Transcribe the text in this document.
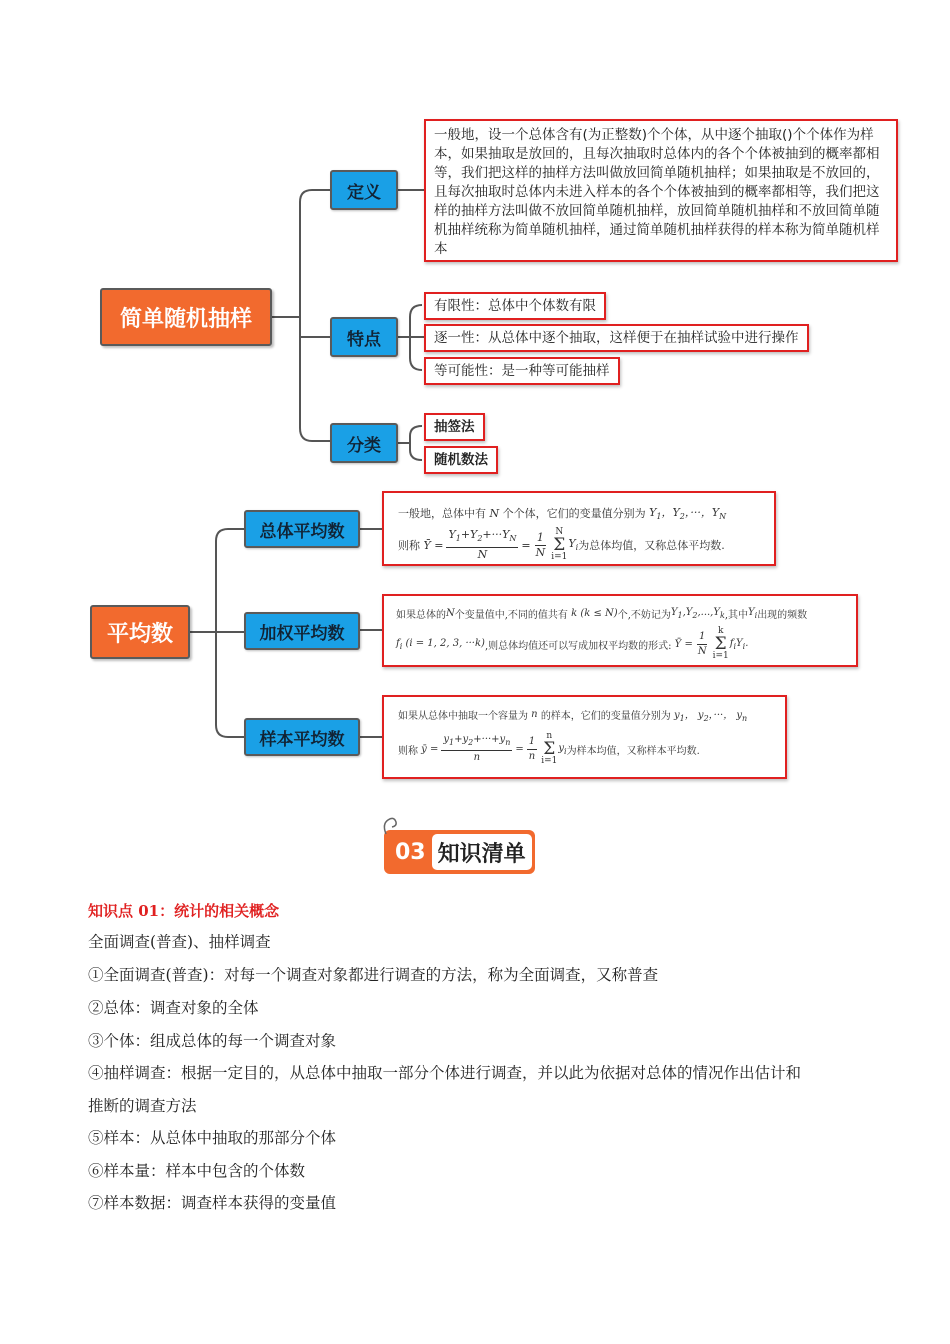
简单随机抽样
定义
一般地，设一个总体含有(为正整数)个个体，从中逐个抽取()个个体作为样本，如果抽取是放回的，且每次抽取时总体内的各个个体被抽到的概率都相等，我们把这样的抽样方法叫做放回简单随机抽样；如果抽取是不放回的，且每次抽取时总体内未进入样本的各个个体被抽到的概率都相等，我们把这样的抽样方法叫做不放回简单随机抽样，放回简单随机抽样和不放回简单随机抽样统称为简单随机抽样，通过简单随机抽样获得的样本称为简单随机样本
特点
有限性：总体中个体数有限
逐一性：从总体中逐个抽取，这样便于在抽样试验中进行操作
等可能性：是一种等可能抽样
分类
抽签法
随机数法
平均数
总体平均数
一般地，总体中有 N 个个体，它们的变量值分别为 $Y_1$，$Y_2$，···，$Y_N$
则称 Ȳ = $\frac{Y_1+Y_2+\cdot\cdot\cdot Y_N}{N} = \frac{1}{N}$ N
Σ
i=1
$Y_i$ 为总体均值，又称总体平均数.
加权平均数
如果总体的 N 个变量值中,不同的值共有 k (k ≤ N) 个,不妨记为 $Y_1,Y_2,...,Y_k$ ,其中 $Y_i$ 出现的频数
$f_i$ (i = 1, 2, 3, ···k) ,则总体均值还可以写成加权平均数的形式: Ȳ = $\frac{1}{N}$ k
Σ
i=1
$f_iY_i$.
样本平均数
如果从总体中抽取一个容量为 n 的样本，它们的变量值分别为 $y_1$， $y_2$，···， $y_n$
则称 ȳ = $\frac{y_1+y_2+\cdot\cdot\cdot+y_n}{n} = \frac{1}{n}$ n
Σ
i=1
$y_i$ 为样本均值，又称样本平均数.
03 知识清单
知识点 01：统计的相关概念
全面调查(普查)、抽样调查
①全面调查(普查)：对每一个调查对象都进行调查的方法，称为全面调查，又称普查
②总体：调查对象的全体
③个体：组成总体的每一个调查对象
④抽样调查：根据一定目的，从总体中抽取一部分个体进行调查，并以此为依据对总体的情况作出估计和
推断的调查方法
⑤样本：从总体中抽取的那部分个体
⑥样本量：样本中包含的个体数
⑦样本数据：调查样本获得的变量值
